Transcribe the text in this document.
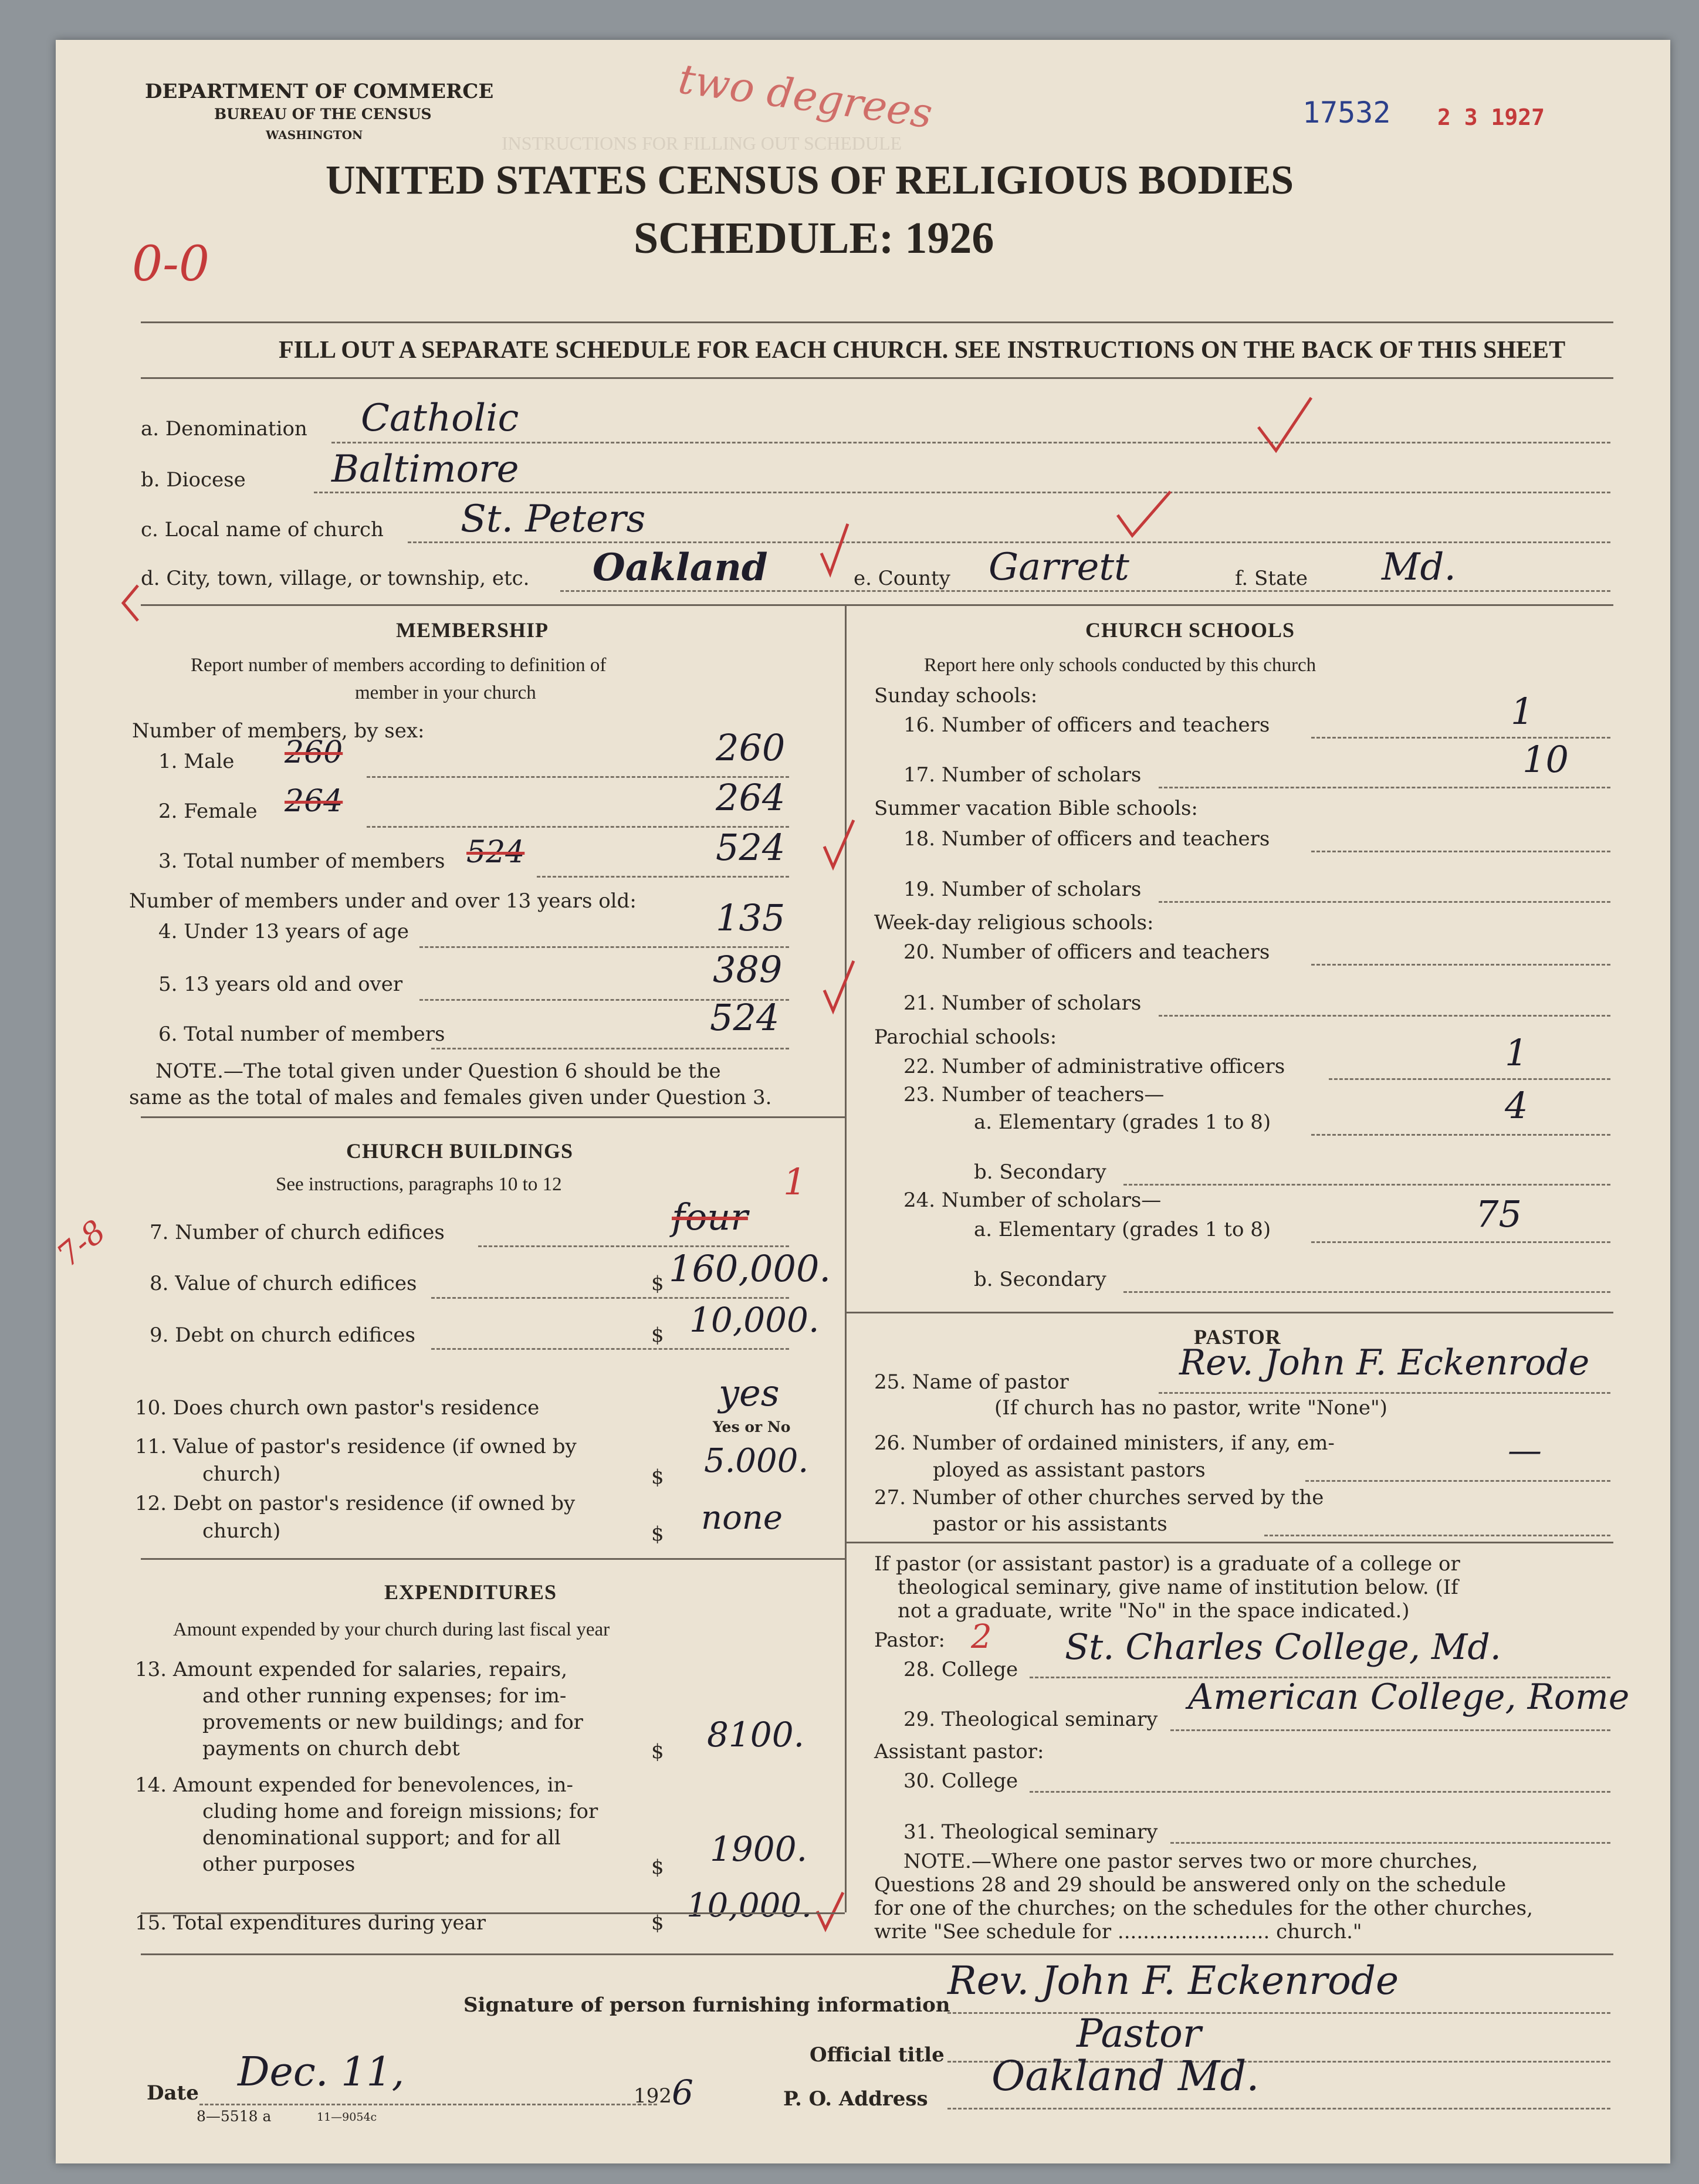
INSTRUCTIONS FOR FILLING OUT SCHEDULE
DEPARTMENT OF COMMERCE
BUREAU OF THE CENSUS
WASHINGTON
UNITED STATES CENSUS OF RELIGIOUS BODIES
SCHEDULE: 1926
17532 2 3 1927
0-0
two degrees
FILL OUT A SEPARATE SCHEDULE FOR EACH CHURCH. SEE INSTRUCTIONS ON THE BACK OF THIS SHEET
a. Denomination Catholic
b. Diocese Baltimore
c. Local name of church St. Peters
d. City, town, village, or township, etc. Oakland	e. County Garrett	f. State Md.
MEMBERSHIP
Report number of members according to definition of
member in your church
Number of members, by sex:
1. Male 260	260
2. Female 264	264
3. Total number of members 524	524
Number of members under and over 13 years old:
4. Under 13 years of age	135
5. 13 years old and over	389
6. Total number of members	524
NOTE.—The total given under Question 6 should be the
same as the total of males and females given under Question 3.
CHURCH BUILDINGS
See instructions, paragraphs 10 to 12
7. Number of church edifices	four
1
7-8
8. Value of church edifices	$ 160,000.
9. Debt on church edifices	$ 10,000.
10. Does church own pastor's residence	yes
Yes or No
11. Value of pastor's residence (if owned by
church)	$ 5.000.
12. Debt on pastor's residence (if owned by
church)	$ none
EXPENDITURES
Amount expended by your church during last fiscal year
13. Amount expended for salaries, repairs,
and other running expenses; for im-
provements or new buildings; and for
payments on church debt	$ 8100.
14. Amount expended for benevolences, in-
cluding home and foreign missions; for
denominational support; and for all
other purposes	$ 1900.
15. Total expenditures during year	$ 10,000.
CHURCH SCHOOLS
Report here only schools conducted by this church
Sunday schools:
16. Number of officers and teachers	1
17. Number of scholars	10
Summer vacation Bible schools:
18. Number of officers and teachers
19. Number of scholars
Week-day religious schools:
20. Number of officers and teachers
21. Number of scholars
Parochial schools:
22. Number of administrative officers	1
23. Number of teachers—
a. Elementary (grades 1 to 8)	4
b. Secondary
24. Number of scholars—
a. Elementary (grades 1 to 8)	75
b. Secondary
PASTOR
25. Name of pastor	Rev. John F. Eckenrode
(If church has no pastor, write "None")
26. Number of ordained ministers, if any, em-
ployed as assistant pastors	—
27. Number of other churches served by the
pastor or his assistants
If pastor (or assistant pastor) is a graduate of a college or
theological seminary, give name of institution below. (If
not a graduate, write "No" in the space indicated.)
Pastor: 2
28. College
St. Charles College, Md.
29. Theological seminary
American College, Rome
Assistant pastor:
30. College
31. Theological seminary
NOTE.—Where one pastor serves two or more churches,
Questions 28 and 29 should be answered only on the schedule
for one of the churches; on the schedules for the other churches,
write "See schedule for ........................ church."
Signature of person furnishing information
Rev. John F. Eckenrode
Official title	Pastor
Date Dec. 11,
192 6	P. O. Address Oakland Md.
8—5518 a	11—9054c
